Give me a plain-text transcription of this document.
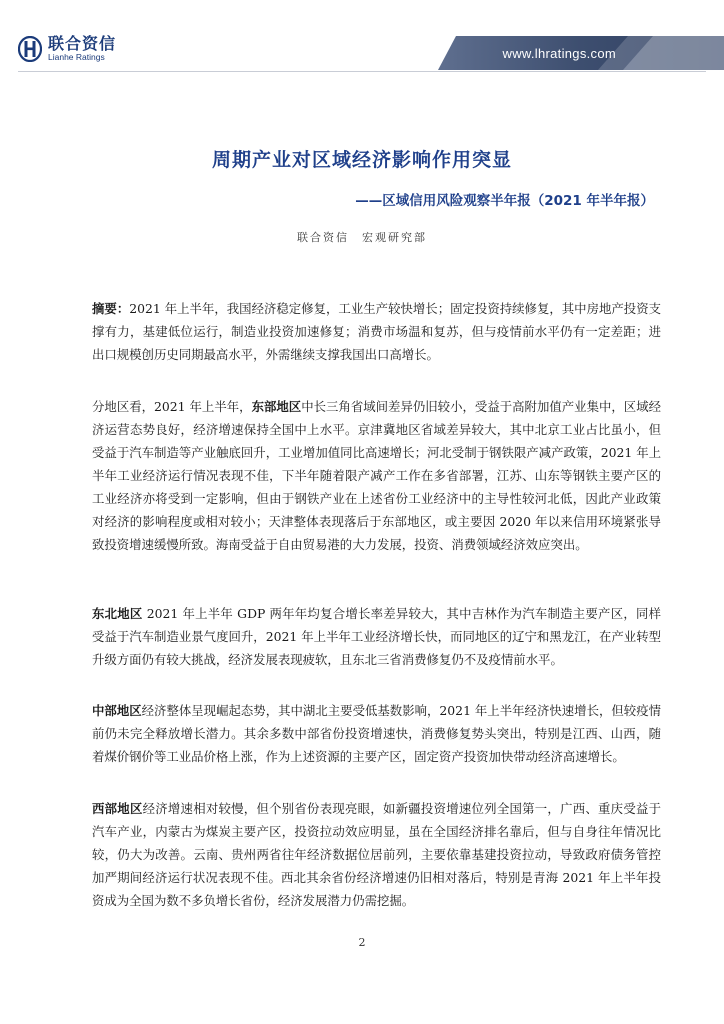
联合资信
Lianhe Ratings	www.lhratings.com
周期产业对区域经济影响作用突显
——区域信用风险观察半年报（2021 年半年报）
联合资信　宏观研究部

摘要：2021 年上半年，我国经济稳定修复，工业生产较快增长；固定投资持续修复，其中房地产投资支撑有力，基建低位运行，制造业投资加速修复；消费市场温和复苏，但与疫情前水平仍有一定差距；进出口规模创历史同期最高水平，外需继续支撑我国出口高增长。

分地区看，2021 年上半年，东部地区中长三角省域间差异仍旧较小，受益于高附加值产业集中，区域经济运营态势良好，经济增速保持全国中上水平。京津冀地区省域差异较大，其中北京工业占比虽小，但受益于汽车制造等产业触底回升，工业增加值同比高速增长；河北受制于钢铁限产减产政策，2021 年上半年工业经济运行情况表现不佳，下半年随着限产减产工作在多省部署，江苏、山东等钢铁主要产区的工业经济亦将受到一定影响，但由于钢铁产业在上述省份工业经济中的主导性较河北低，因此产业政策对经济的影响程度或相对较小；天津整体表现落后于东部地区，或主要因 2020 年以来信用环境紧张导致投资增速缓慢所致。海南受益于自由贸易港的大力发展，投资、消费领域经济效应突出。

东北地区 2021 年上半年 GDP 两年年均复合增长率差异较大，其中吉林作为汽车制造主要产区，同样受益于汽车制造业景气度回升，2021 年上半年工业经济增长快，而同地区的辽宁和黑龙江，在产业转型升级方面仍有较大挑战，经济发展表现疲软，且东北三省消费修复仍不及疫情前水平。

中部地区经济整体呈现崛起态势，其中湖北主要受低基数影响，2021 年上半年经济快速增长，但较疫情前仍未完全释放增长潜力。其余多数中部省份投资增速快，消费修复势头突出，特别是江西、山西，随着煤价钢价等工业品价格上涨，作为上述资源的主要产区，固定资产投资加快带动经济高速增长。

西部地区经济增速相对较慢，但个别省份表现亮眼，如新疆投资增速位列全国第一，广西、重庆受益于汽车产业，内蒙古为煤炭主要产区，投资拉动效应明显，虽在全国经济排名靠后，但与自身往年情况比较，仍大为改善。云南、贵州两省往年经济数据位居前列，主要依靠基建投资拉动，导致政府债务管控加严期间经济运行状况表现不佳。西北其余省份经济增速仍旧相对落后，特别是青海 2021 年上半年投资成为全国为数不多负增长省份，经济发展潜力仍需挖掘。

2
